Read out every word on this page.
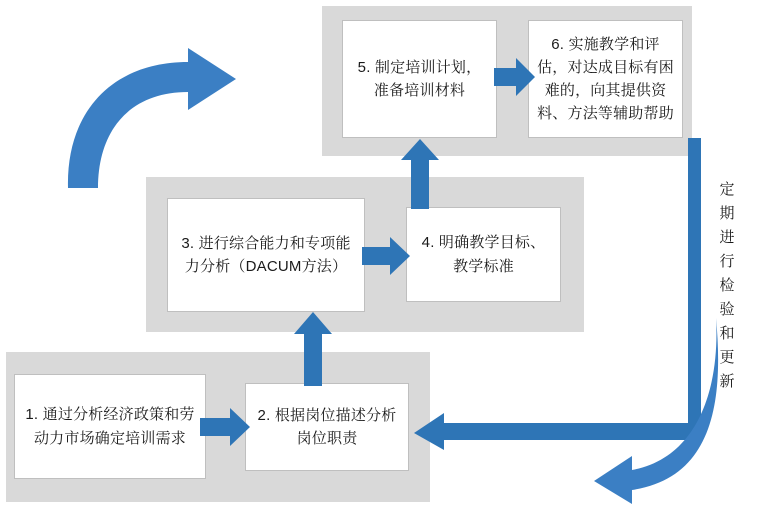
1. 通过分析经济政策和劳动力市场确定培训需求
2. 根据岗位描述分析岗位职责
3. 进行综合能力和专项能力分析（DACUM方法）
4. 明确教学目标、教学标准
5. 制定培训计划，准备培训材料
6. 实施教学和评估，对达成目标有困难的，向其提供资料、方法等辅助帮助
定期进行检验和更新
